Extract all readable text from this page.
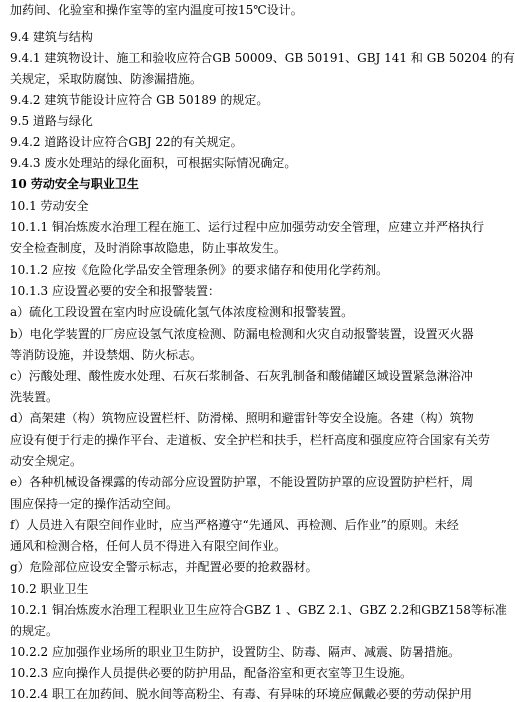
加药间、化验室和操作室等的室内温度可按15℃设计。
9.4 建筑与结构
9.4.1 建筑物设计、施工和验收应符合GB 50009、GB 50191、GBJ 141 和 GB 50204 的有
关规定，采取防腐蚀、防渗漏措施。
9.4.2 建筑节能设计应符合 GB 50189 的规定。
9.5 道路与绿化
9.4.2 道路设计应符合GBJ 22的有关规定。
9.4.3 废水处理站的绿化面积，可根据实际情况确定。
10 劳动安全与职业卫生
10.1 劳动安全
10.1.1 铜冶炼废水治理工程在施工、运行过程中应加强劳动安全管理，应建立并严格执行
安全检查制度，及时消除事故隐患，防止事故发生。
10.1.2 应按《危险化学品安全管理条例》的要求储存和使用化学药剂。
10.1.3 应设置必要的安全和报警装置：
a）硫化工段设置在室内时应设硫化氢气体浓度检测和报警装置。
b）电化学装置的厂房应设氢气浓度检测、防漏电检测和火灾自动报警装置，设置灭火器
等消防设施，并设禁烟、防火标志。
c）污酸处理、酸性废水处理、石灰石浆制备、石灰乳制备和酸储罐区域设置紧急淋浴冲
洗装置。
d）高架建（构）筑物应设置栏杆、防滑梯、照明和避雷针等安全设施。各建（构）筑物
应设有便于行走的操作平台、走道板、安全护栏和扶手，栏杆高度和强度应符合国家有关劳
动安全规定。
e）各种机械设备裸露的传动部分应设置防护罩，不能设置防护罩的应设置防护栏杆，周
围应保持一定的操作活动空间。
f）人员进入有限空间作业时，应当严格遵守“先通风、再检测、后作业”的原则。未经
通风和检测合格，任何人员不得进入有限空间作业。
g）危险部位应设安全警示标志，并配置必要的抢救器材。
10.2 职业卫生
10.2.1 铜冶炼废水治理工程职业卫生应符合GBZ 1 、GBZ 2.1、GBZ 2.2和GBZ158等标准
的规定。
10.2.2 应加强作业场所的职业卫生防护，设置防尘、防毒、隔声、减震、防暑措施。
10.2.3 应向操作人员提供必要的防护用品，配备浴室和更衣室等卫生设施。
10.2.4 职工在加药间、脱水间等高粉尘、有毒、有异味的环境应佩戴必要的劳动保护用
